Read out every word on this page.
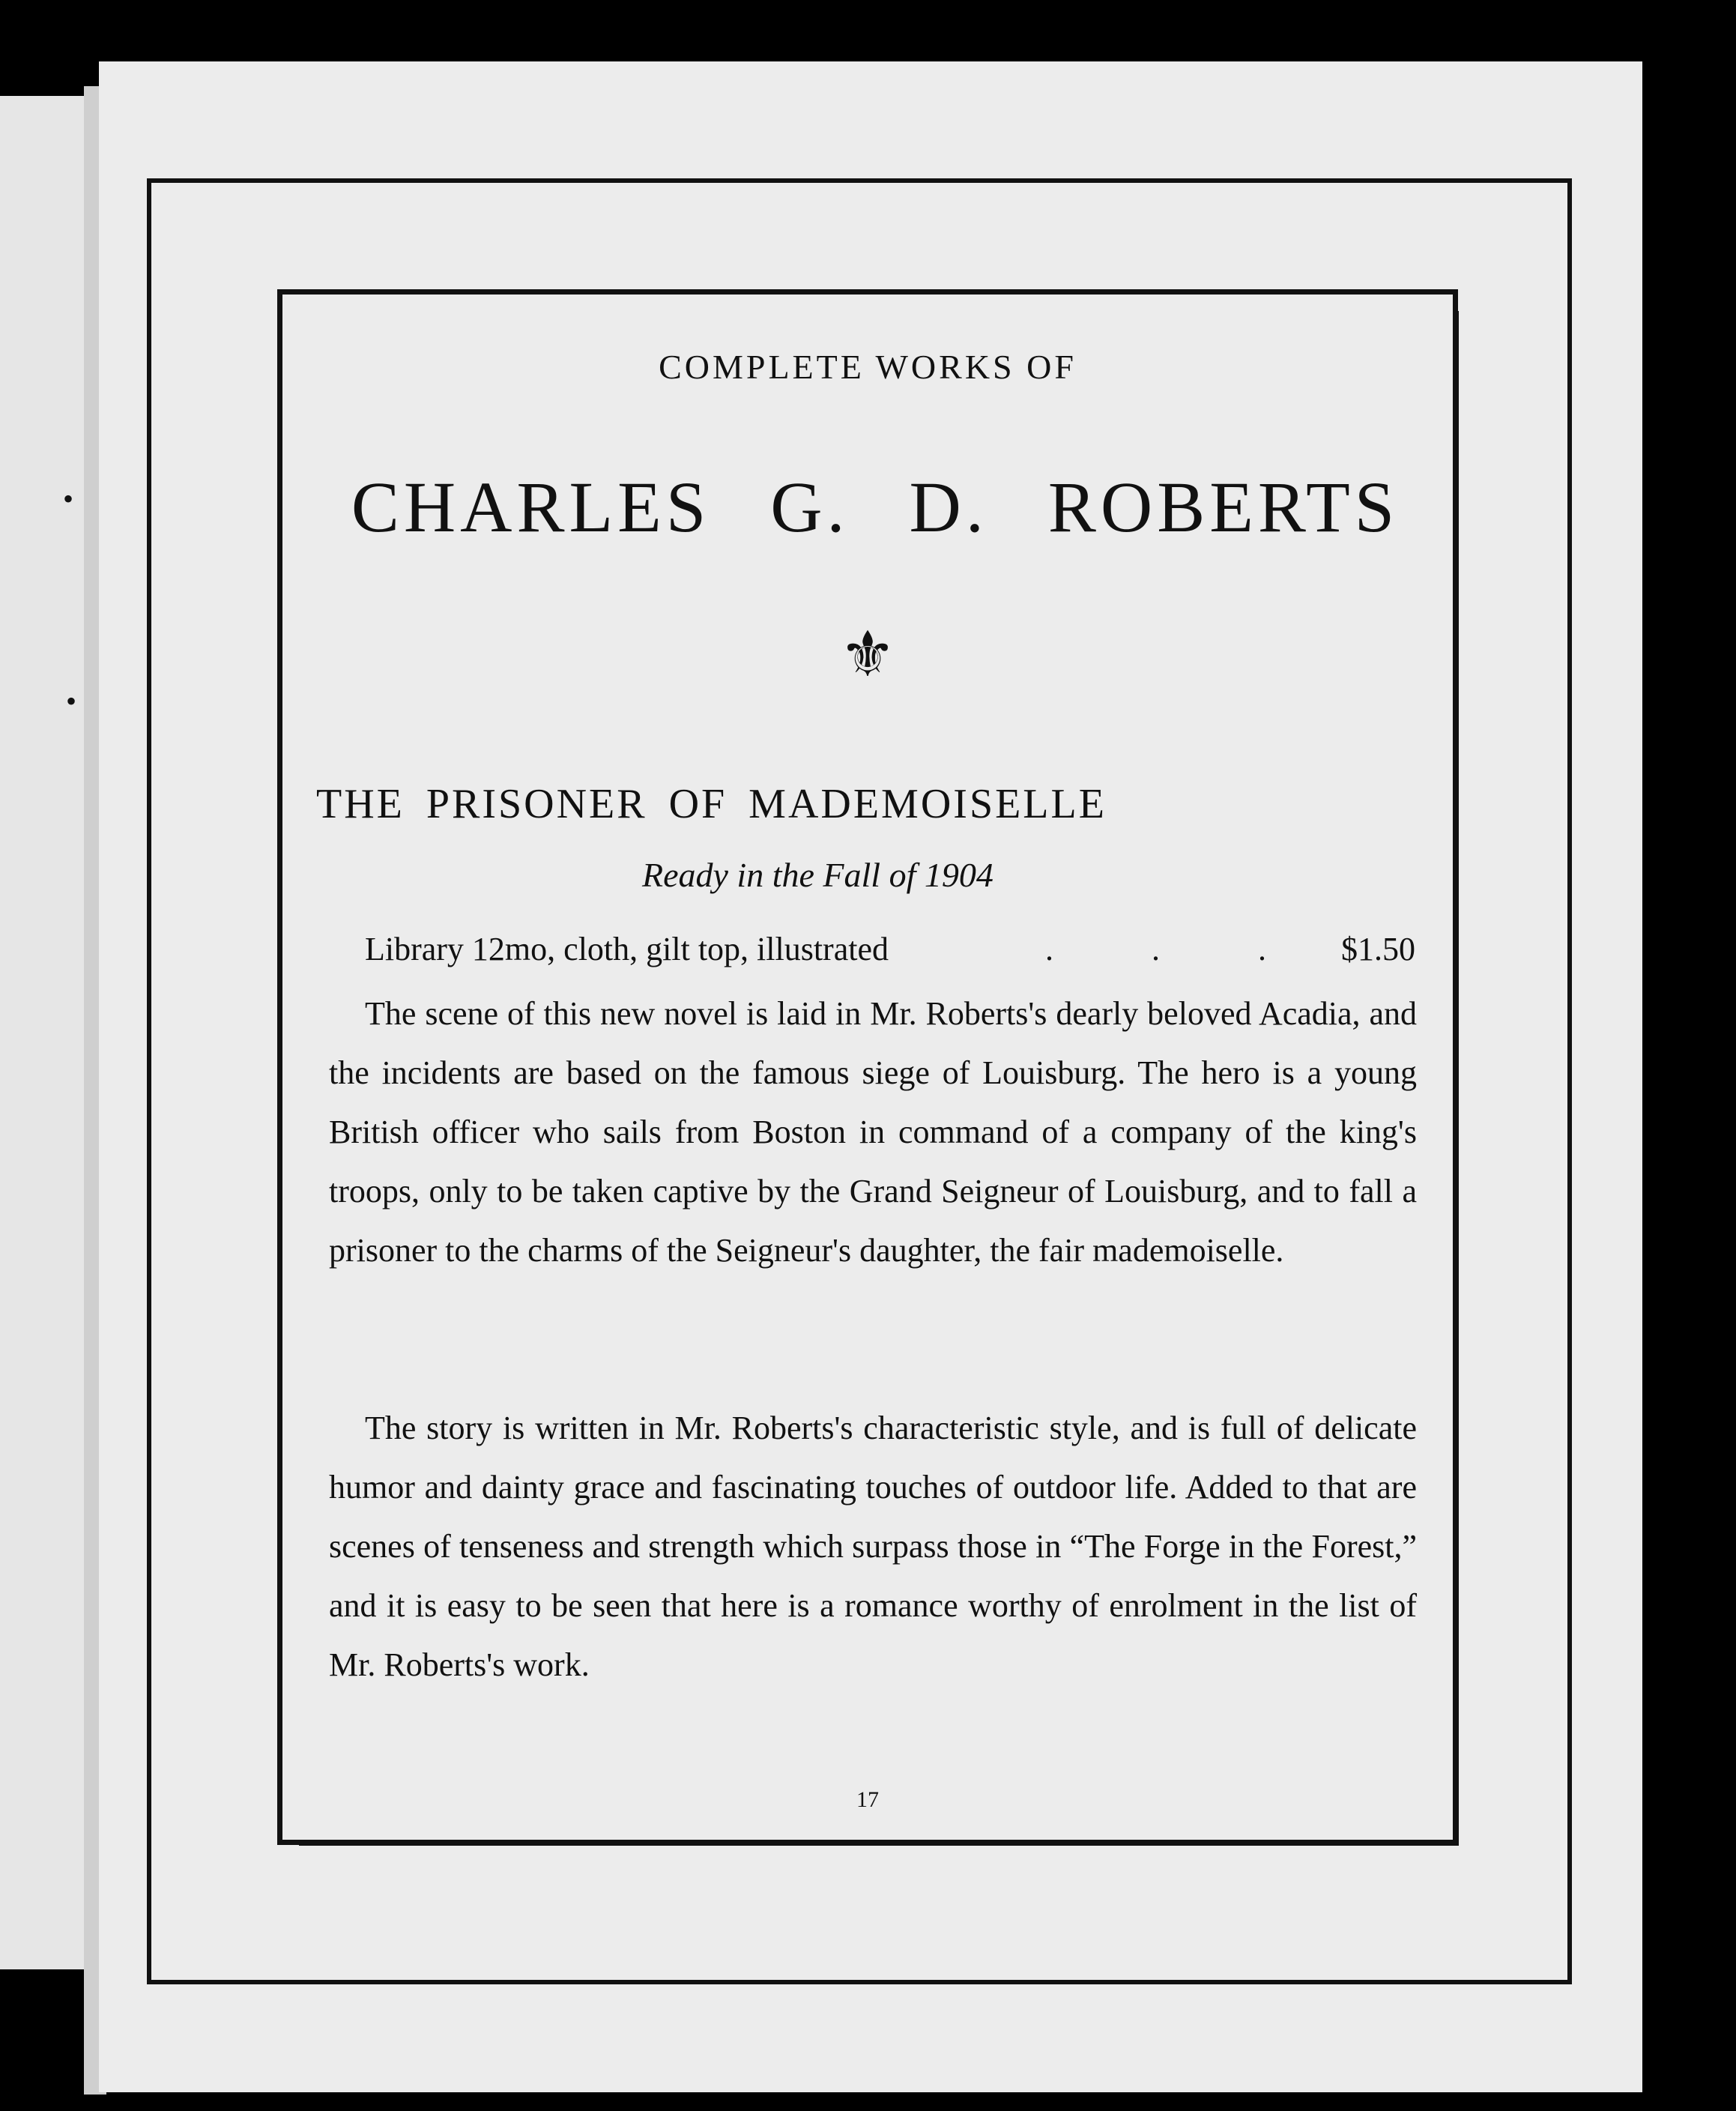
•
•
COMPLETE WORKS OF
CHARLES G. D. ROBERTS
⚜
THE PRISONER OF MADEMOISELLE
Ready in the Fall of 1904
Library 12mo, cloth, gilt top, illustrated	. . . $1.50

The scene of this new novel is laid in Mr. Roberts's dearly beloved Acadia, and the incidents are based on the famous siege of Louisburg. The hero is a young British officer who sails from Boston in command of a company of the king's troops, only to be taken captive by the Grand Seigneur of Louisburg, and to fall a prisoner to the charms of the Seigneur's daughter, the fair mademoiselle.

The story is written in Mr. Roberts's characteristic style, and is full of delicate humor and dainty grace and fascinating touches of outdoor life. Added to that are scenes of tenseness and strength which surpass those in “The Forge in the Forest,” and it is easy to be seen that here is a romance worthy of enrolment in the list of Mr. Roberts's work.

17
